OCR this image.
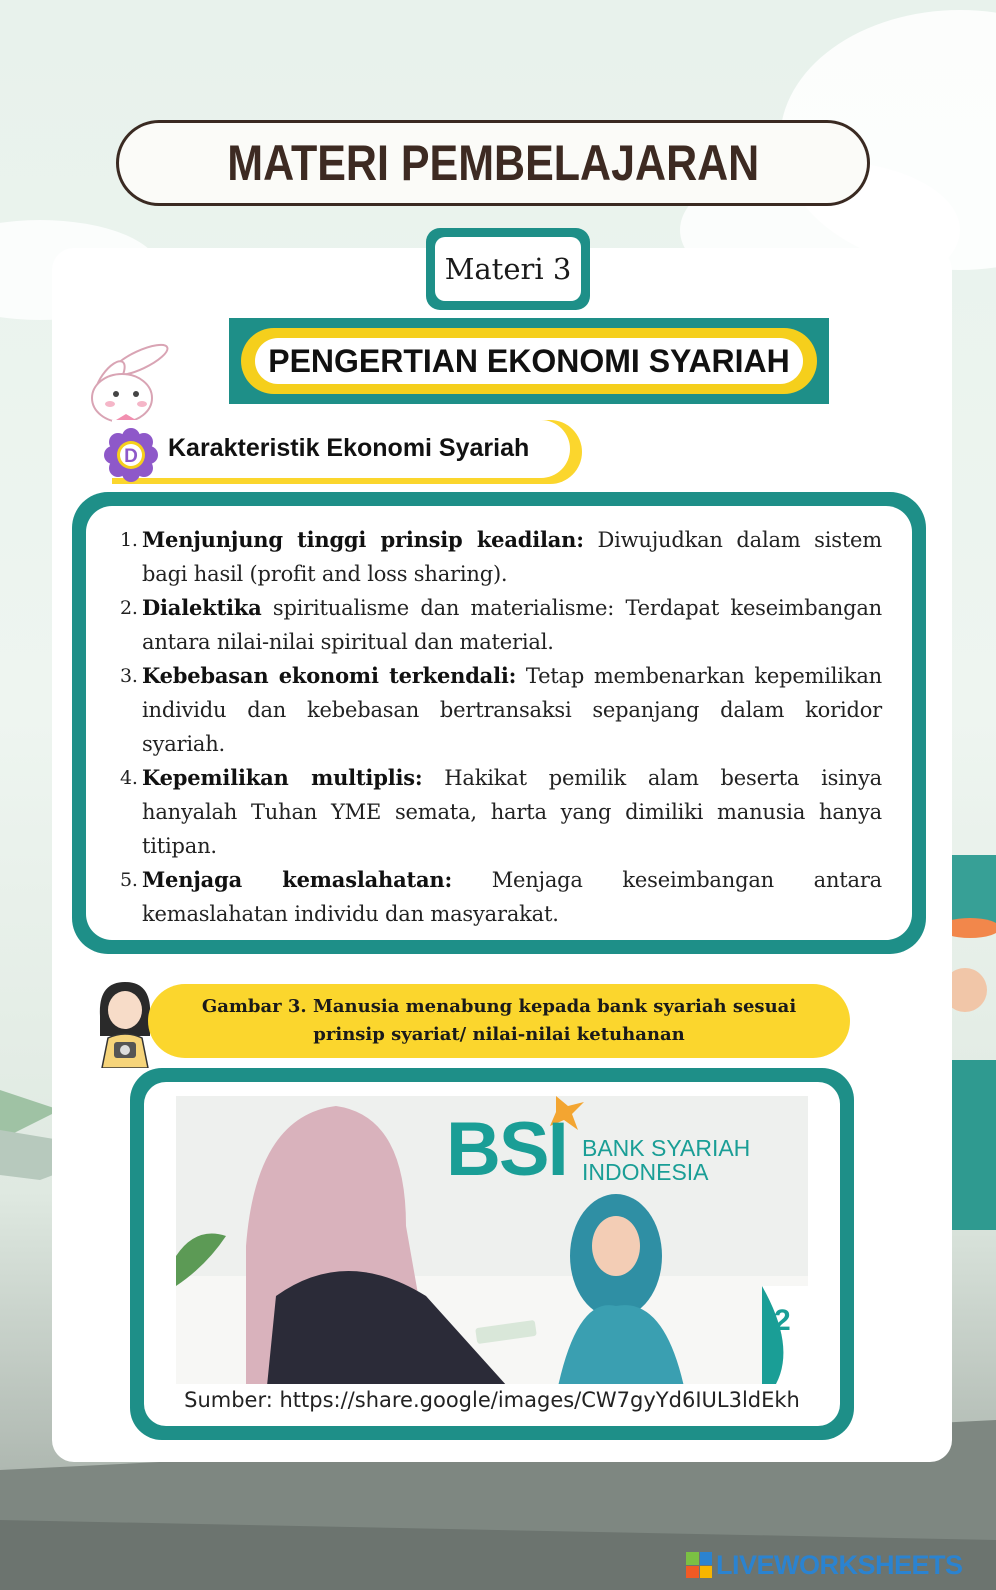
MATERI PEMBELAJARAN
Materi 3
PENGERTIAN EKONOMI SYARIAH
D Karakteristik Ekonomi Syariah
1. Menjunjung tinggi prinsip keadilan: Diwujudkan dalam sistem bagi hasil (profit and loss sharing).
2. Dialektika spiritualisme dan materialisme: Terdapat keseimbangan antara nilai-nilai spiritual dan material.
3. Kebebasan ekonomi terkendali: Tetap membenarkan kepemilikan individu dan kebebasan bertransaksi sepanjang dalam koridor syariah.
4. Kepemilikan multiplis: Hakikat pemilik alam beserta isinya hanyalah Tuhan YME semata, harta yang dimiliki manusia hanya titipan.
5. Menjaga kemaslahatan: Menjaga keseimbangan antara kemaslahatan individu dan masyarakat.
Gambar 3. Manusia menabung kepada bank syariah sesuai prinsip syariat/ nilai-nilai ketuhanan
BSI BANK SYARIAH
INDONESIA
2
Sumber: https://share.google/images/CW7gyYd6IUL3ldEkh
LIVEWORKSHEETS
